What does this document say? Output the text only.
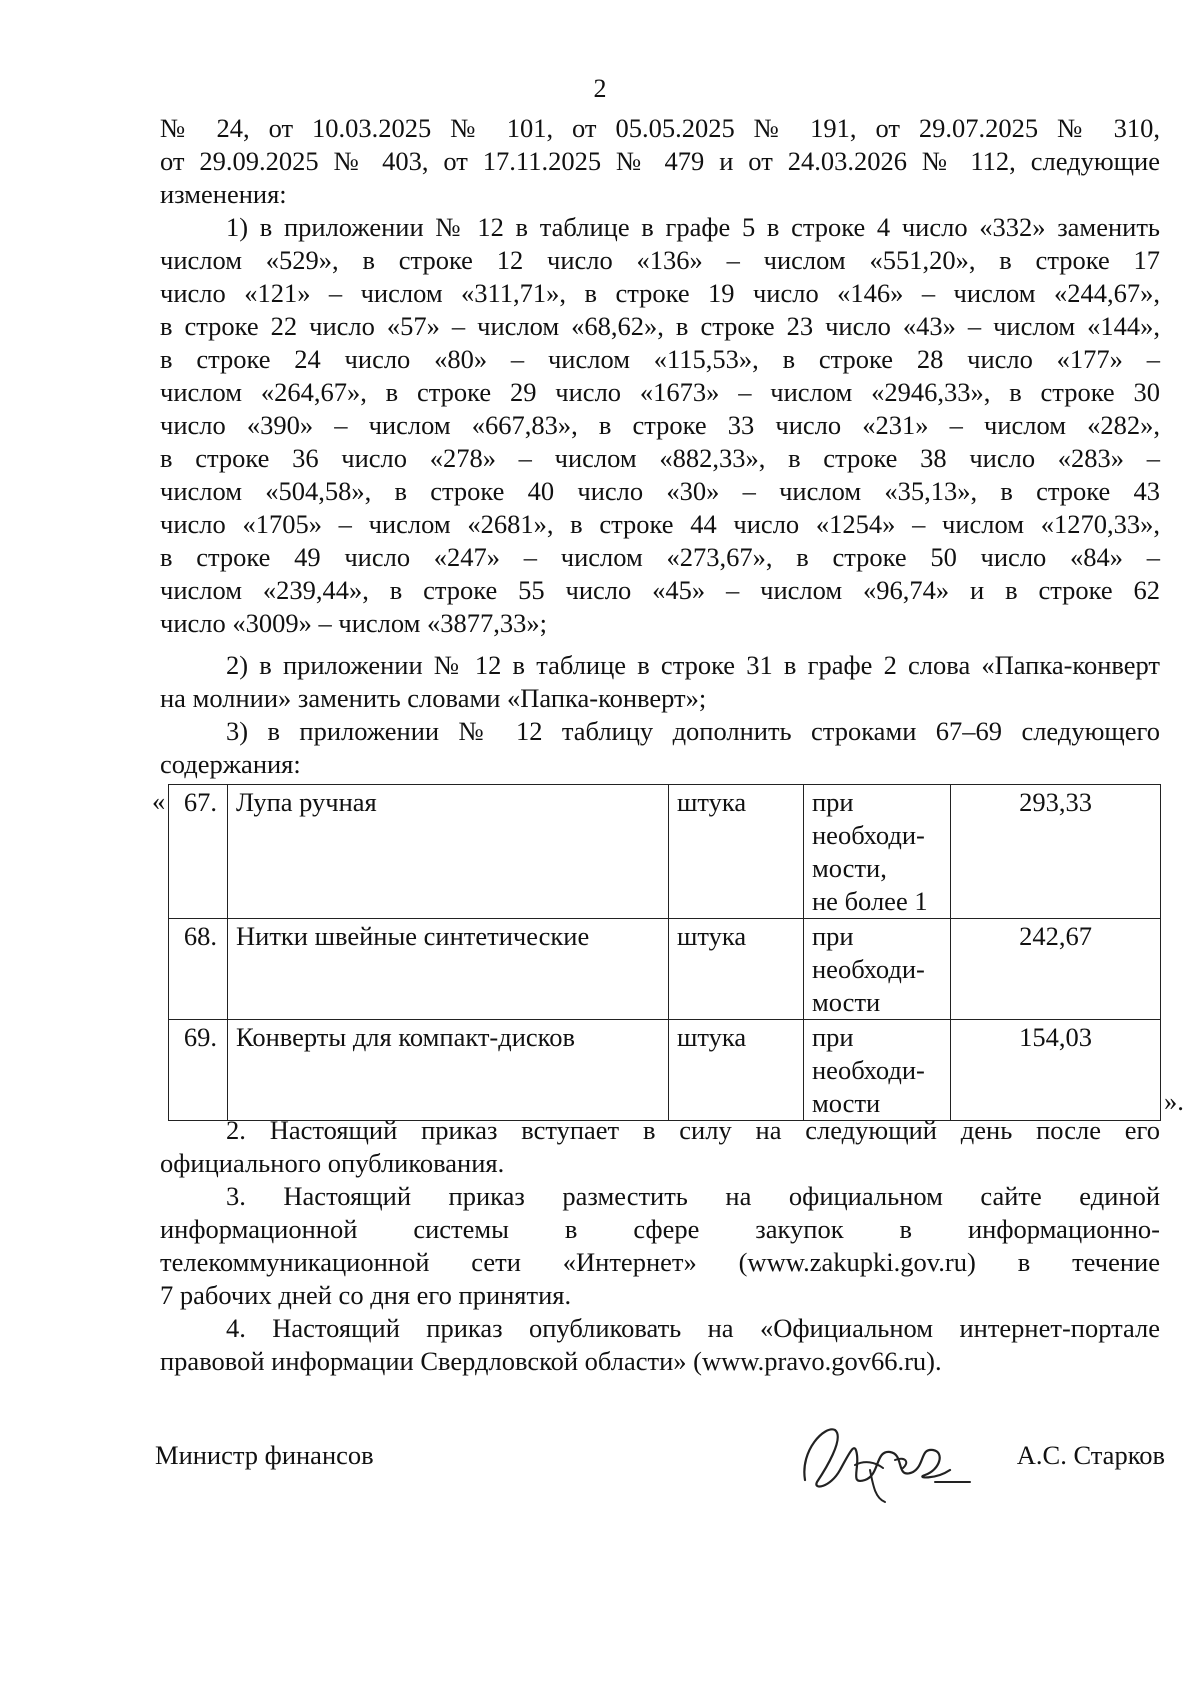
2
№ 24, от 10.03.2025 № 101, от 05.05.2025 № 191, от 29.07.2025 № 310,
от 29.09.2025 № 403, от 17.11.2025 № 479 и от 24.03.2026 № 112, следующие
изменения:
1) в приложении № 12 в таблице в графе 5 в строке 4 число «332» заменить
числом «529», в строке 12 число «136» – числом «551,20», в строке 17
число «121» – числом «311,71», в строке 19 число «146» – числом «244,67»,
в строке 22 число «57» – числом «68,62», в строке 23 число «43» – числом «144»,
в строке 24 число «80» – числом «115,53», в строке 28 число «177» –
числом «264,67», в строке 29 число «1673» – числом «2946,33», в строке 30
число «390» – числом «667,83», в строке 33 число «231» – числом «282»,
в строке 36 число «278» – числом «882,33», в строке 38 число «283» –
числом «504,58», в строке 40 число «30» – числом «35,13», в строке 43
число «1705» – числом «2681», в строке 44 число «1254» – числом «1270,33»,
в строке 49 число «247» – числом «273,67», в строке 50 число «84» –
числом «239,44», в строке 55 число «45» – числом «96,74» и в строке 62
число «3009» – числом «3877,33»;
2) в приложении № 12 в таблице в строке 31 в графе 2 слова «Папка-конверт
на молнии» заменить словами «Папка-конверт»;
3) в приложении № 12 таблицу дополнить строками 67–69 следующего
содержания:
« 67.	Лупа ручная	штука	при
необходи-
мости,
не более 1	293,33
68.	Нитки швейные синтетические	штука	при
необходи-
мости	242,67
69.	Конверты для компакт-дисков	штука	при
необходи-
мости	154,03
».
2. Настоящий приказ вступает в силу на следующий день после его
официального опубликования.
3. Настоящий приказ разместить на официальном сайте единой
информационной системы в сфере закупок в информационно-
телекоммуникационной сети «Интернет» (www.zakupki.gov.ru) в течение
7 рабочих дней со дня его принятия.
4. Настоящий приказ опубликовать на «Официальном интернет-портале
правовой информации Свердловской области» (www.pravo.gov66.ru).
Министр финансов	А.С. Старков
